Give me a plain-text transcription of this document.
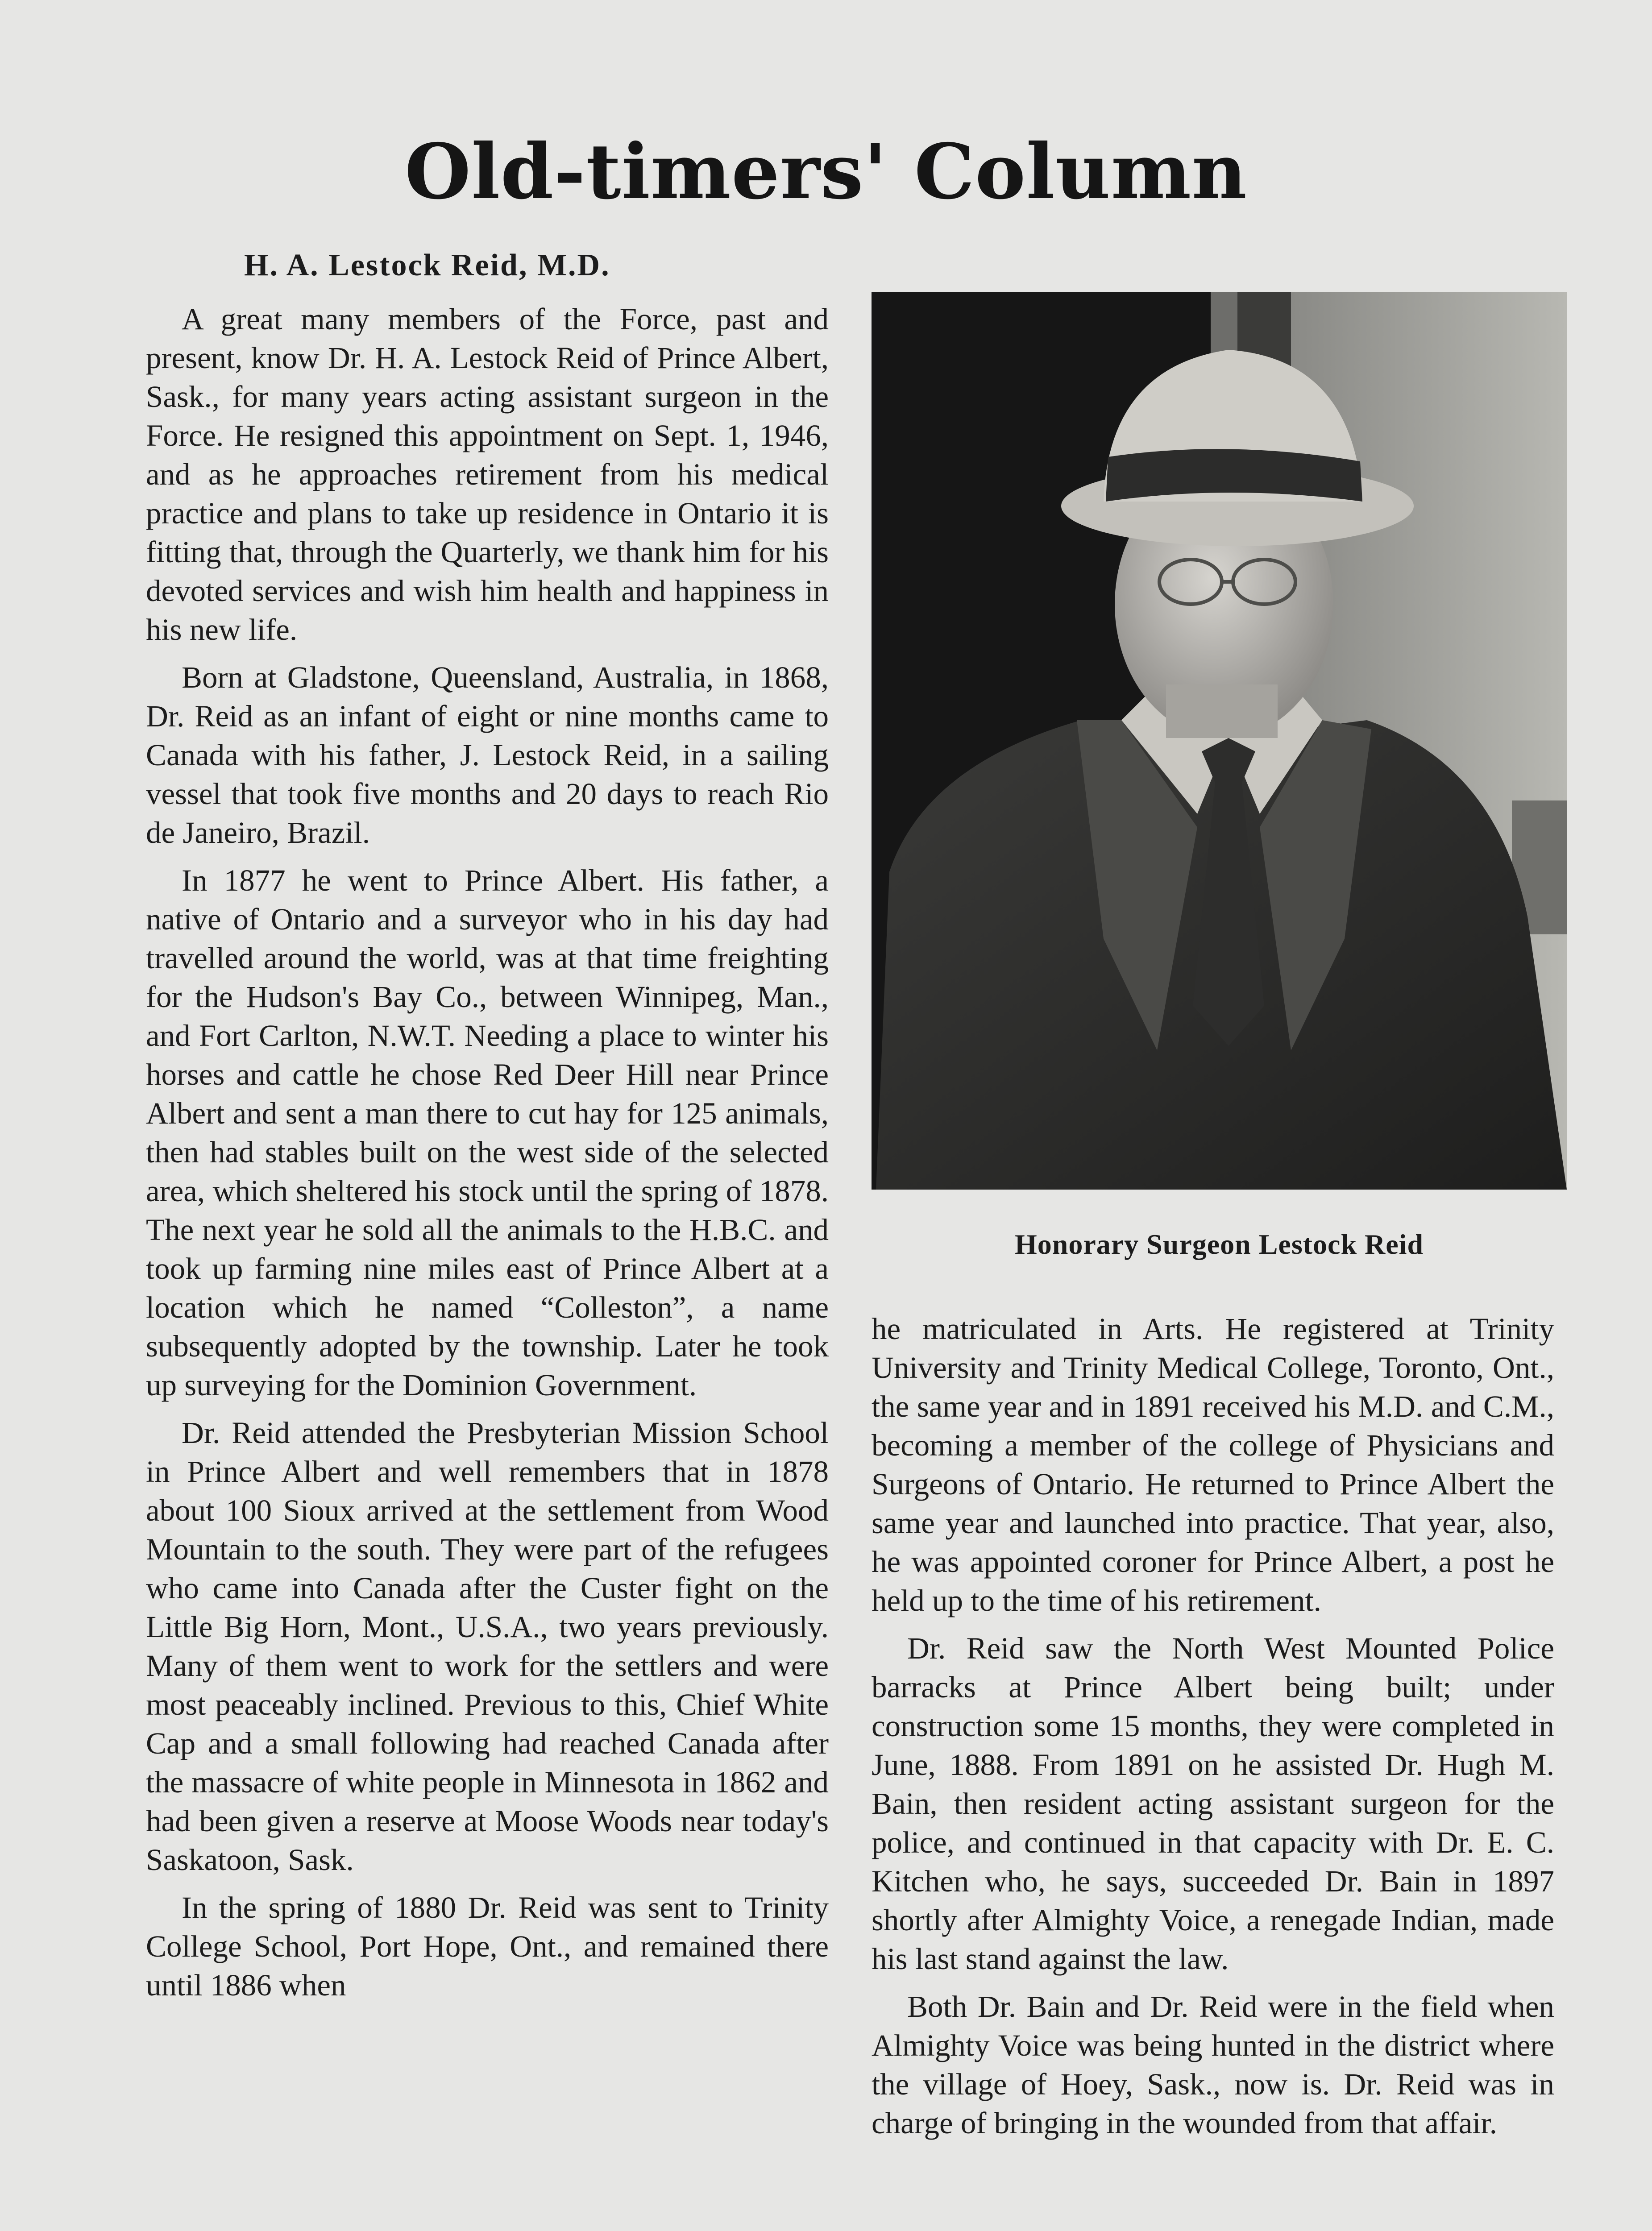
Old-timers' Column
H. A. Lestock Reid, M.D.

A great many members of the Force, past and present, know Dr. H. A. Lestock Reid of Prince Albert, Sask., for many years acting assistant surgeon in the Force. He resigned this appointment on Sept. 1, 1946, and as he approaches retirement from his medical practice and plans to take up residence in Ontario it is fitting that, through the Quarterly, we thank him for his devoted services and wish him health and happiness in his new life.

Born at Gladstone, Queensland, Australia, in 1868, Dr. Reid as an infant of eight or nine months came to Canada with his father, J. Lestock Reid, in a sailing vessel that took five months and 20 days to reach Rio de Janeiro, Brazil.

In 1877 he went to Prince Albert. His father, a native of Ontario and a surveyor who in his day had travelled around the world, was at that time freighting for the Hudson's Bay Co., between Winnipeg, Man., and Fort Carlton, N.W.T. Needing a place to winter his horses and cattle he chose Red Deer Hill near Prince Albert and sent a man there to cut hay for 125 animals, then had stables built on the west side of the selected area, which sheltered his stock until the spring of 1878. The next year he sold all the animals to the H.B.C. and took up farming nine miles east of Prince Albert at a location which he named “Colleston”, a name subsequently adopted by the township. Later he took up surveying for the Dominion Government.

Dr. Reid attended the Presbyterian Mission School in Prince Albert and well remembers that in 1878 about 100 Sioux arrived at the settlement from Wood Mountain to the south. They were part of the refugees who came into Canada after the Custer fight on the Little Big Horn, Mont., U.S.A., two years previously. Many of them went to work for the settlers and were most peaceably inclined. Previous to this, Chief White Cap and a small following had reached Canada after the massacre of white people in Minnesota in 1862 and had been given a reserve at Moose Woods near today's Saskatoon, Sask.

In the spring of 1880 Dr. Reid was sent to Trinity College School, Port Hope, Ont., and remained there until 1886 when

Honorary Surgeon Lestock Reid

he matriculated in Arts. He registered at Trinity University and Trinity Medical College, Toronto, Ont., the same year and in 1891 received his M.D. and C.M., becoming a member of the college of Physicians and Surgeons of Ontario. He returned to Prince Albert the same year and launched into practice. That year, also, he was appointed coroner for Prince Albert, a post he held up to the time of his retirement.

Dr. Reid saw the North West Mounted Police barracks at Prince Albert being built; under construction some 15 months, they were completed in June, 1888. From 1891 on he assisted Dr. Hugh M. Bain, then resident acting assistant surgeon for the police, and continued in that capacity with Dr. E. C. Kitchen who, he says, succeeded Dr. Bain in 1897 shortly after Almighty Voice, a renegade Indian, made his last stand against the law.

Both Dr. Bain and Dr. Reid were in the field when Almighty Voice was being hunted in the district where the village of Hoey, Sask., now is. Dr. Reid was in charge of bringing in the wounded from that affair.
